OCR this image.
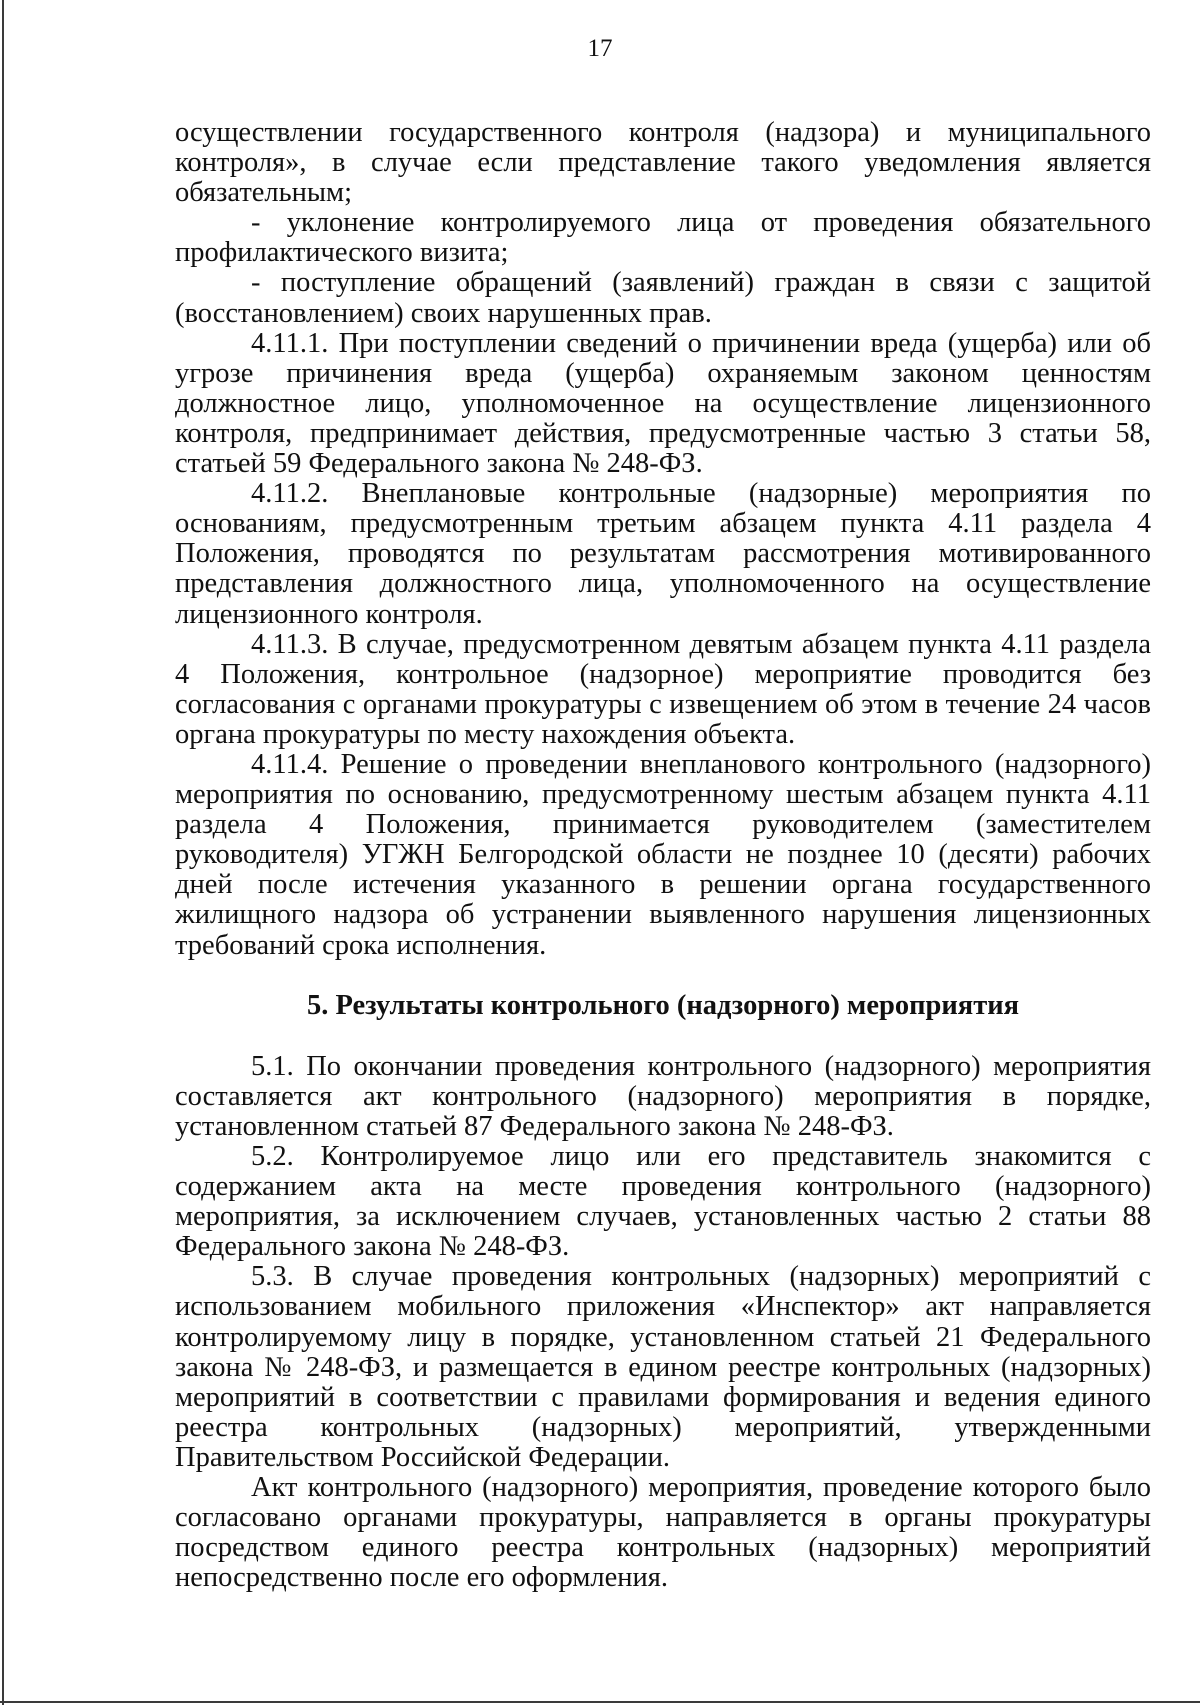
17

осуществлении государственного контроля (надзора) и муниципального контроля», в случае если представление такого уведомления является обязательным;

- уклонение контролируемого лица от проведения обязательного профилактического визита;

- поступление обращений (заявлений) граждан в связи с защитой (восстановлением) своих нарушенных прав.

4.11.1. При поступлении сведений о причинении вреда (ущерба) или об угрозе причинения вреда (ущерба) охраняемым законом ценностям должностное лицо, уполномоченное на осуществление лицензионного контроля, предпринимает действия, предусмотренные частью 3 статьи 58, статьей 59 Федерального закона № 248-ФЗ.

4.11.2. Внеплановые контрольные (надзорные) мероприятия по основаниям, предусмотренным третьим абзацем пункта 4.11 раздела 4 Положения, проводятся по результатам рассмотрения мотивированного представления должностного лица, уполномоченного на осуществление лицензионного контроля.

4.11.3. В случае, предусмотренном девятым абзацем пункта 4.11 раздела 4 Положения, контрольное (надзорное) мероприятие проводится без согласования с органами прокуратуры с извещением об этом в течение 24 часов органа прокуратуры по месту нахождения объекта.

4.11.4. Решение о проведении внепланового контрольного (надзорного) мероприятия по основанию, предусмотренному шестым абзацем пункта 4.11 раздела 4 Положения, принимается руководителем (заместителем руководителя) УГЖН Белгородской области не позднее 10 (десяти) рабочих дней после истечения указанного в решении органа государственного жилищного надзора об устранении выявленного нарушения лицензионных требований срока исполнения.

5. Результаты контрольного (надзорного) мероприятия

5.1. По окончании проведения контрольного (надзорного) мероприятия составляется акт контрольного (надзорного) мероприятия в порядке, установленном статьей 87 Федерального закона № 248-ФЗ.

5.2. Контролируемое лицо или его представитель знакомится с содержанием акта на месте проведения контрольного (надзорного) мероприятия, за исключением случаев, установленных частью 2 статьи 88 Федерального закона № 248-ФЗ.

5.3. В случае проведения контрольных (надзорных) мероприятий с использованием мобильного приложения «Инспектор» акт направляется контролируемому лицу в порядке, установленном статьей 21 Федерального закона № 248-ФЗ, и размещается в едином реестре контрольных (надзорных) мероприятий в соответствии с правилами формирования и ведения единого реестра контрольных (надзорных) мероприятий, утвержденными Правительством Российской Федерации.

Акт контрольного (надзорного) мероприятия, проведение которого было согласовано органами прокуратуры, направляется в органы прокуратуры посредством единого реестра контрольных (надзорных) мероприятий непосредственно после его оформления.
